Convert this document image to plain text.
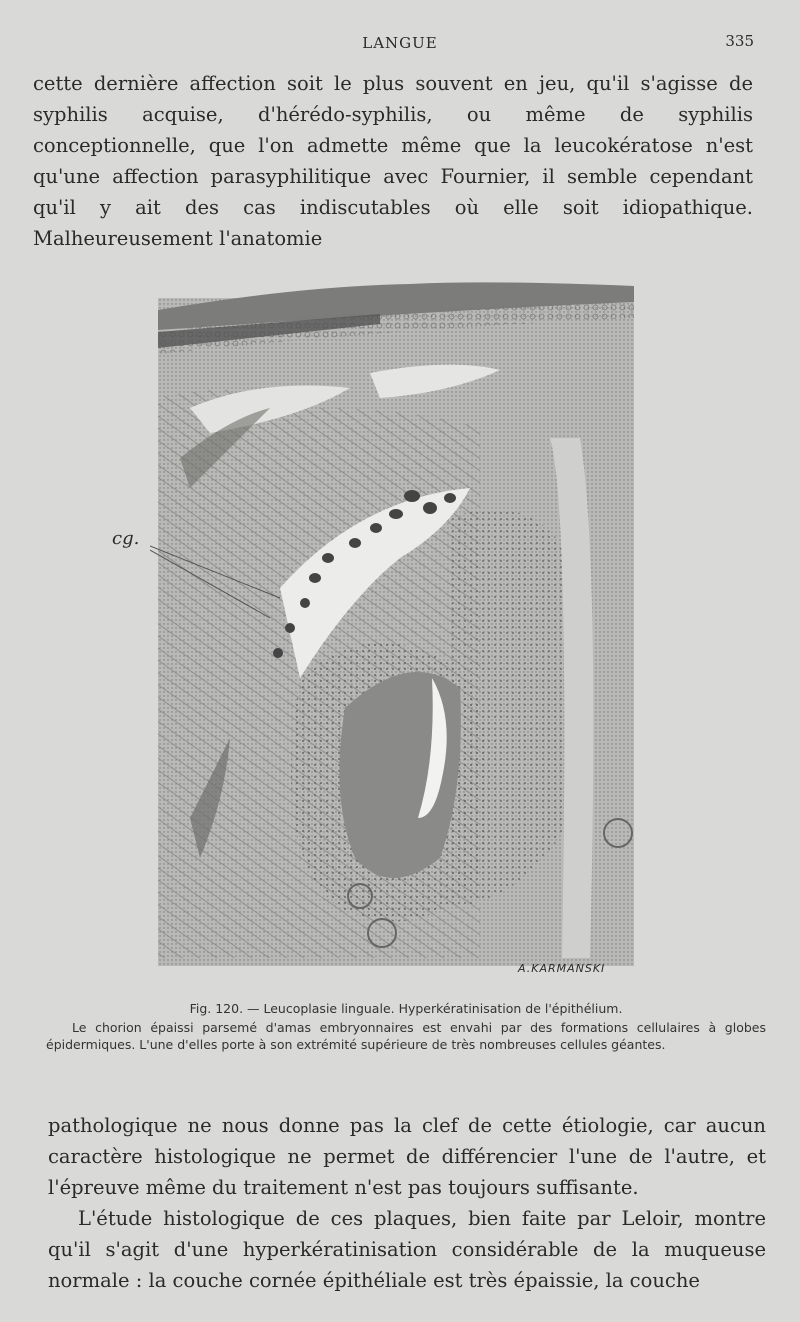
LANGUE	335

cette dernière affection soit le plus souvent en jeu, qu'il s'agisse de syphilis acquise, d'hérédo-syphilis, ou même de syphilis conceptionnelle, que l'on admette même que la leucokératose n'est qu'une affection parasyphilitique avec Fournier, il semble cependant qu'il y ait des cas indiscutables où elle soit idiopathique. Malheureusement l'anatomie

cg.
A.KARMANSKI

Fig. 120. — Leucoplasie linguale. Hyperkératinisation de l'épithélium.

Le chorion épaissi parsemé d'amas embryonnaires est envahi par des formations cellulaires à globes épidermiques. L'une d'elles porte à son extrémité supérieure de très nombreuses cellules géantes.

pathologique ne nous donne pas la clef de cette étiologie, car aucun caractère histologique ne permet de différencier l'une de l'autre, et l'épreuve même du traitement n'est pas toujours suffisante.

L'étude histologique de ces plaques, bien faite par Leloir, montre qu'il s'agit d'une hyperkératinisation considérable de la muqueuse normale : la couche cornée épithéliale est très épaissie, la couche
